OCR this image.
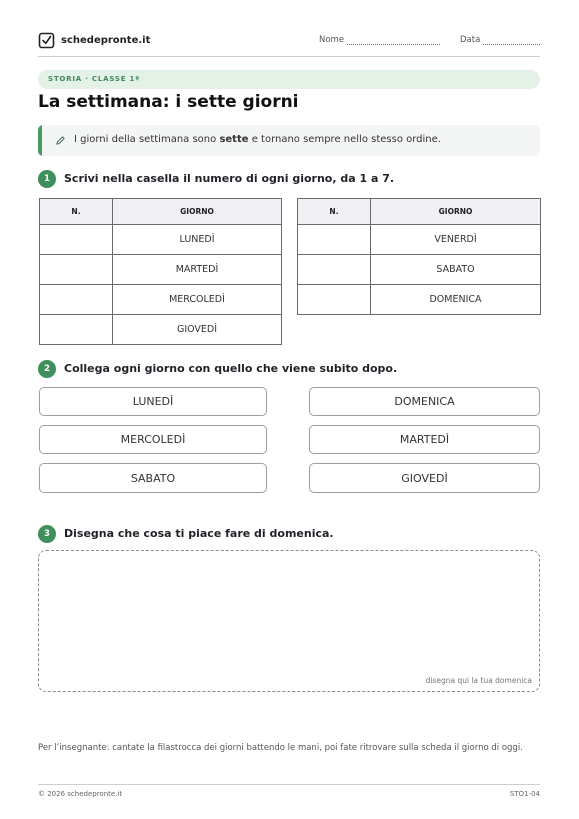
schedepronte.it	Nome	Data
STORIA · CLASSE 1ª
La settimana: i sette giorni
I giorni della settimana sono sette e tornano sempre nello stesso ordine.
1	Scrivi nella casella il numero di ogni giorno, da 1 a 7.
N.	GIORNO
	LUNEDÌ
	MARTEDÌ
	MERCOLEDÌ
	GIOVEDÌ
N.	GIORNO
	VENERDÌ
	SABATO
	DOMENICA
2	Collega ogni giorno con quello che viene subito dopo.
LUNEDÌ
MERCOLEDÌ
SABATO
DOMENICA
MARTEDÌ
GIOVEDÌ
3	Disegna che cosa ti piace fare di domenica.
disegna qui la tua domenica
Per l’insegnante: cantate la filastrocca dei giorni battendo le mani, poi fate ritrovare sulla scheda il giorno di oggi.
© 2026 schedepronte.it	STO1-04
